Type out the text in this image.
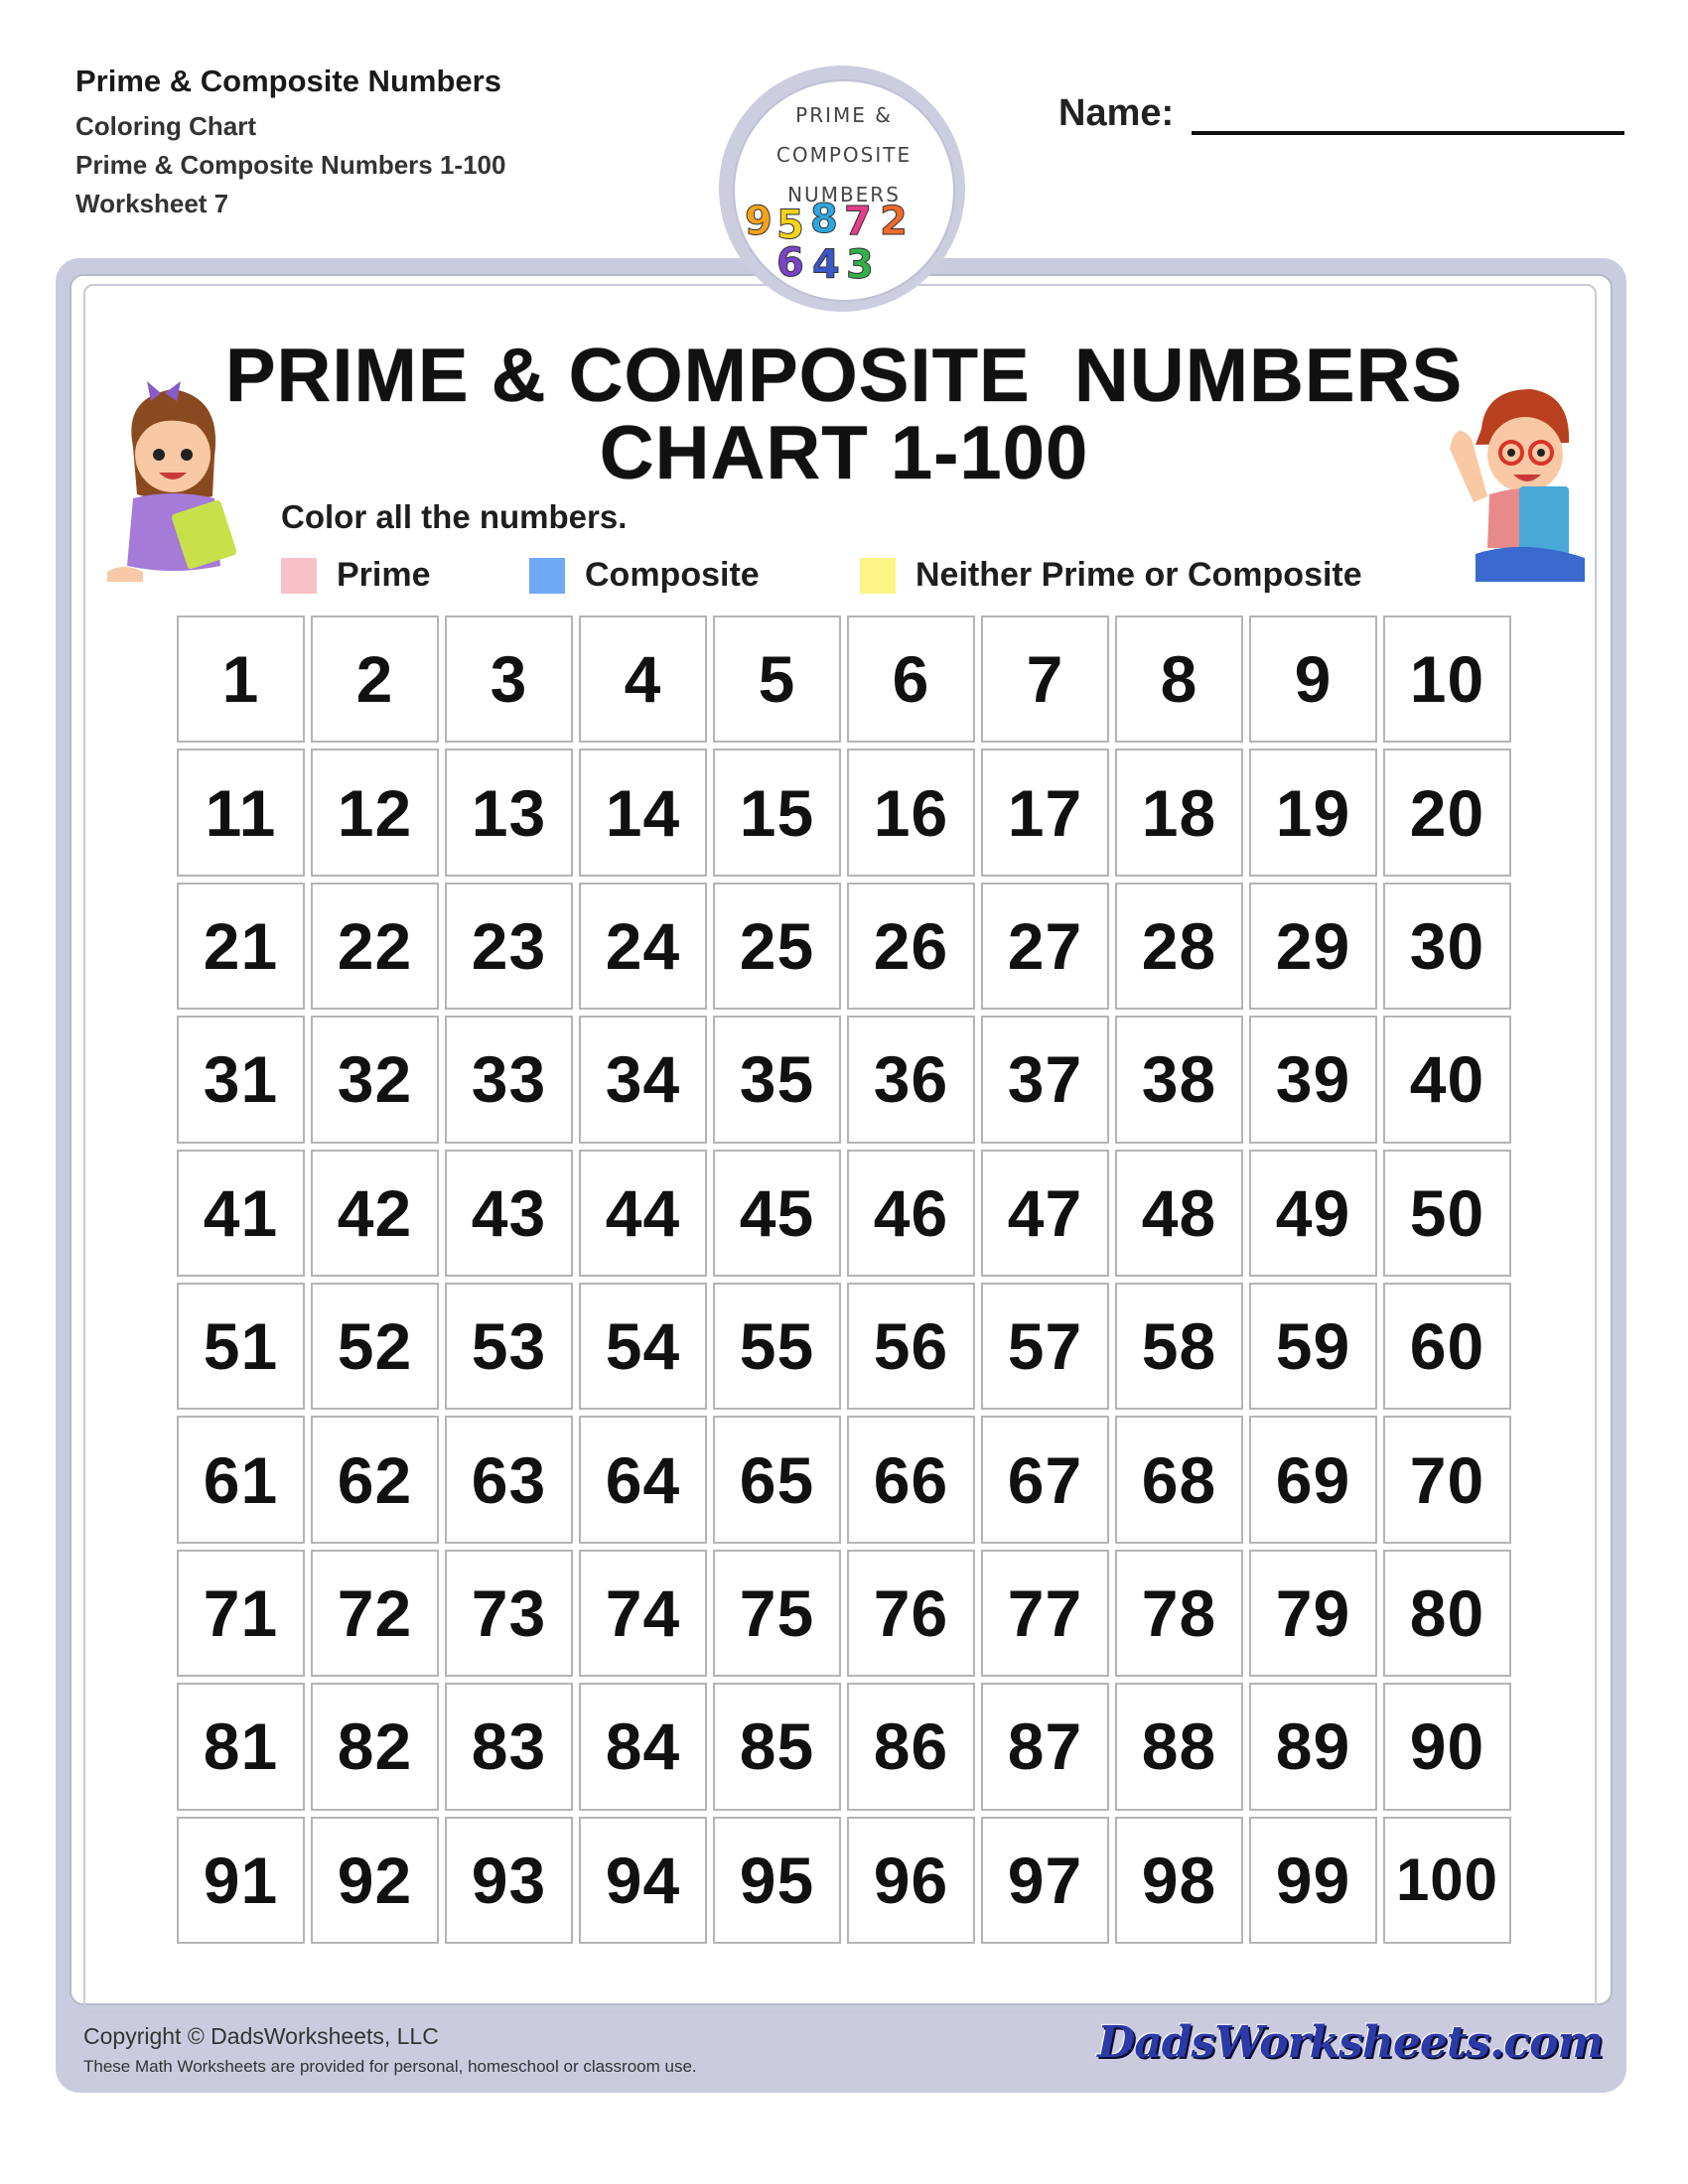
Prime & Composite Numbers
Coloring Chart
Prime & Composite Numbers 1-100
Worksheet 7
Name:
PRIME &
COMPOSITE
NUMBERS
9 5 8 7 2
6 4 3
PRIME & COMPOSITE  NUMBERS
CHART 1-100
Color all the numbers.
Prime	Composite	Neither Prime or Composite
1	2	3	4	5	6	7	8	9	10
11 12 13 14 15 16 17 18 19 20
21 22 23 24 25 26 27 28 29 30
31 32 33 34 35 36 37 38 39 40
41 42 43 44 45 46 47 48 49 50
51 52 53 54 55 56 57 58 59 60
61 62 63 64 65 66 67 68 69 70
71 72 73 74 75 76 77 78 79 80
81 82 83 84 85 86 87 88 89 90
91 92 93 94 95 96 97 98 99 100
Copyright © DadsWorksheets, LLC
These Math Worksheets are provided for personal, homeschool or classroom use.	DadsWorksheets.com
